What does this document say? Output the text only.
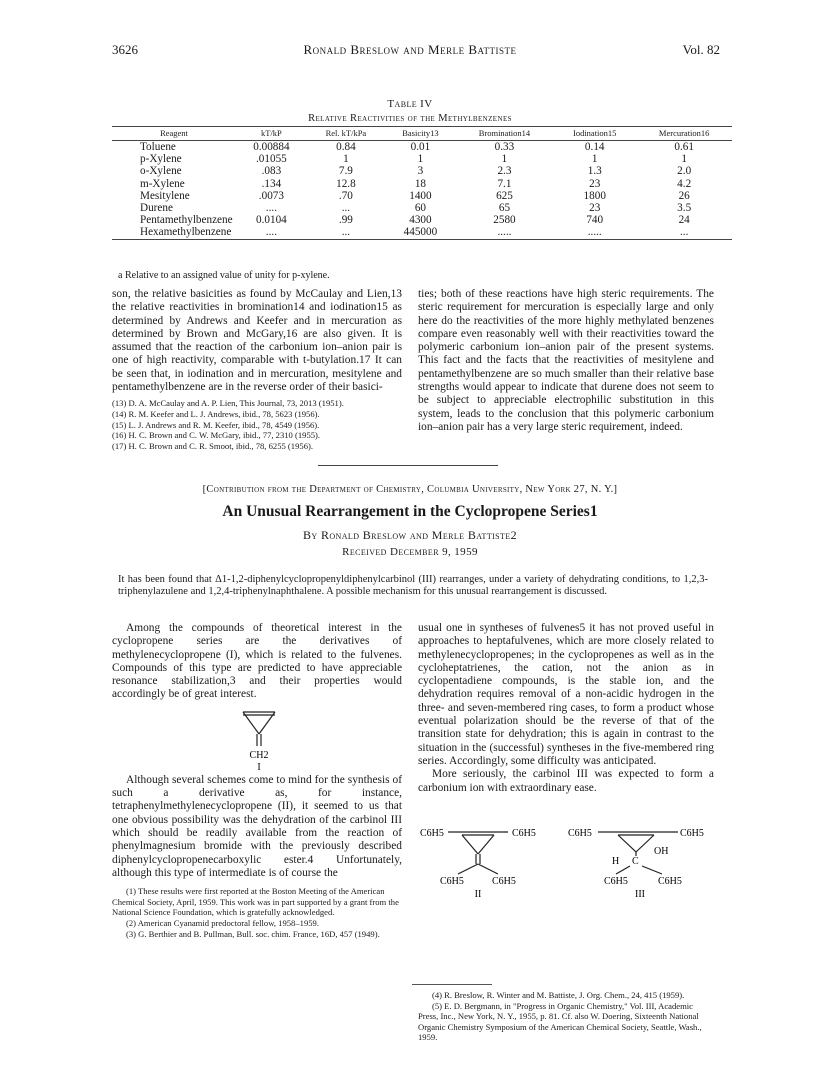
3626	Ronald Breslow and Merle Battiste	Vol. 82
Table IV
Relative Reactivities of the Methylbenzenes
Reagent	kT/kP	Rel. kT/kPa	Basicity13	Bromination14	Iodination15	Mercuration16
Toluene	0.00884	0.84	0.01	0.33	0.14	0.61
p-Xylene	.01055	1	1	1	1	1
o-Xylene	.083	7.9	3	2.3	1.3	2.0
m-Xylene	.134	12.8	18	7.1	23	4.2
Mesitylene	.0073	.70	1400	625	1800	26
Durene	....	...	60	65	23	3.5
Pentamethylbenzene	0.0104	.99	4300	2580	740	24
Hexamethylbenzene	....	...	445000	.....	.....	...
a Relative to an assigned value of unity for p-xylene.

son, the relative basicities as found by McCaulay and Lien,13 the relative reactivities in bromination14 and iodination15 as determined by Andrews and Keefer and in mercuration as determined by Brown and McGary,16 are also given. It is assumed that the reaction of the carbonium ion–anion pair is one of high reactivity, comparable with t-butylation.17 It can be seen that, in iodination and in mercuration, mesitylene and pentamethylbenzene are in the reverse order of their basici-

(13) D. A. McCaulay and A. P. Lien, This Journal, 73, 2013 (1951).
(14) R. M. Keefer and L. J. Andrews, ibid., 78, 5623 (1956).
(15) L. J. Andrews and R. M. Keefer, ibid., 78, 4549 (1956).
(16) H. C. Brown and C. W. McGary, ibid., 77, 2310 (1955).
(17) H. C. Brown and C. R. Smoot, ibid., 78, 6255 (1956).

ties; both of these reactions have high steric requirements. The steric requirement for mercuration is especially large and only here do the reactivities of the more highly methylated benzenes compare even reasonably well with their reactivities toward the polymeric carbonium ion–anion pair of the present systems. This fact and the facts that the reactivities of mesitylene and pentamethylbenzene are so much smaller than their relative base strengths would appear to indicate that durene does not seem to be subject to appreciable electrophilic substitution in this system, leads to the conclusion that this polymeric carbonium ion–anion pair has a very large steric requirement, indeed.

[Contribution from the Department of Chemistry, Columbia University, New York 27, N. Y.]
An Unusual Rearrangement in the Cyclopropene Series1
By Ronald Breslow and Merle Battiste2
Received December 9, 1959
It has been found that Δ1-1,2-diphenylcyclopropenyldiphenylcarbinol (III) rearranges, under a variety of dehydrating conditions, to 1,2,3-triphenylazulene and 1,2,4-triphenylnaphthalene. A possible mechanism for this unusual rearrangement is discussed.

Among the compounds of theoretical interest in the cyclopropene series are the derivatives of methylenecyclopropene (I), which is related to the fulvenes. Compounds of this type are predicted to have appreciable resonance stabilization,3 and their properties would accordingly be of great interest.

CH2
I

Although several schemes come to mind for the synthesis of such a derivative as, for instance, tetraphenylmethylenecyclopropene (II), it seemed to us that one obvious possibility was the dehydration of the carbinol III which should be readily available from the reaction of phenylmagnesium bromide with the previously described diphenylcyclopropenecarboxylic ester.4 Unfortunately, although this type of intermediate is of course the

(1) These results were first reported at the Boston Meeting of the American Chemical Society, April, 1959. This work was in part supported by a grant from the National Science Foundation, which is gratefully acknowledged.
(2) American Cyanamid predoctoral fellow, 1958–1959.
(3) G. Berthier and B. Pullman, Bull. soc. chim. France, 16D, 457 (1949).

usual one in syntheses of fulvenes5 it has not proved useful in approaches to heptafulvenes, which are more closely related to methylenecyclopropenes; in the cyclopropenes as well as in the cycloheptatrienes, the cation, not the anion as in cyclopentadiene compounds, is the stable ion, and the dehydration requires removal of a non-acidic hydrogen in the three- and seven-membered ring cases, to form a product whose eventual polarization should be the reverse of that of the transition state for dehydration; this is again in contrast to the situation in the (successful) syntheses in the five-membered ring series. Accordingly, some difficulty was anticipated.

More seriously, the carbinol III was expected to form a carbonium ion with extraordinary ease.

C6H5	C6H5
C6H5	C6H5
II
C6H5	C6H5
H C
OH
C6H5	C6H5
III
(4) R. Breslow, R. Winter and M. Battiste, J. Org. Chem., 24, 415 (1959).
(5) E. D. Bergmann, in "Progress in Organic Chemistry," Vol. III, Academic Press, Inc., New York, N. Y., 1955, p. 81. Cf. also W. Doering, Sixteenth National Organic Chemistry Symposium of the American Chemical Society, Seattle, Wash., 1959.
